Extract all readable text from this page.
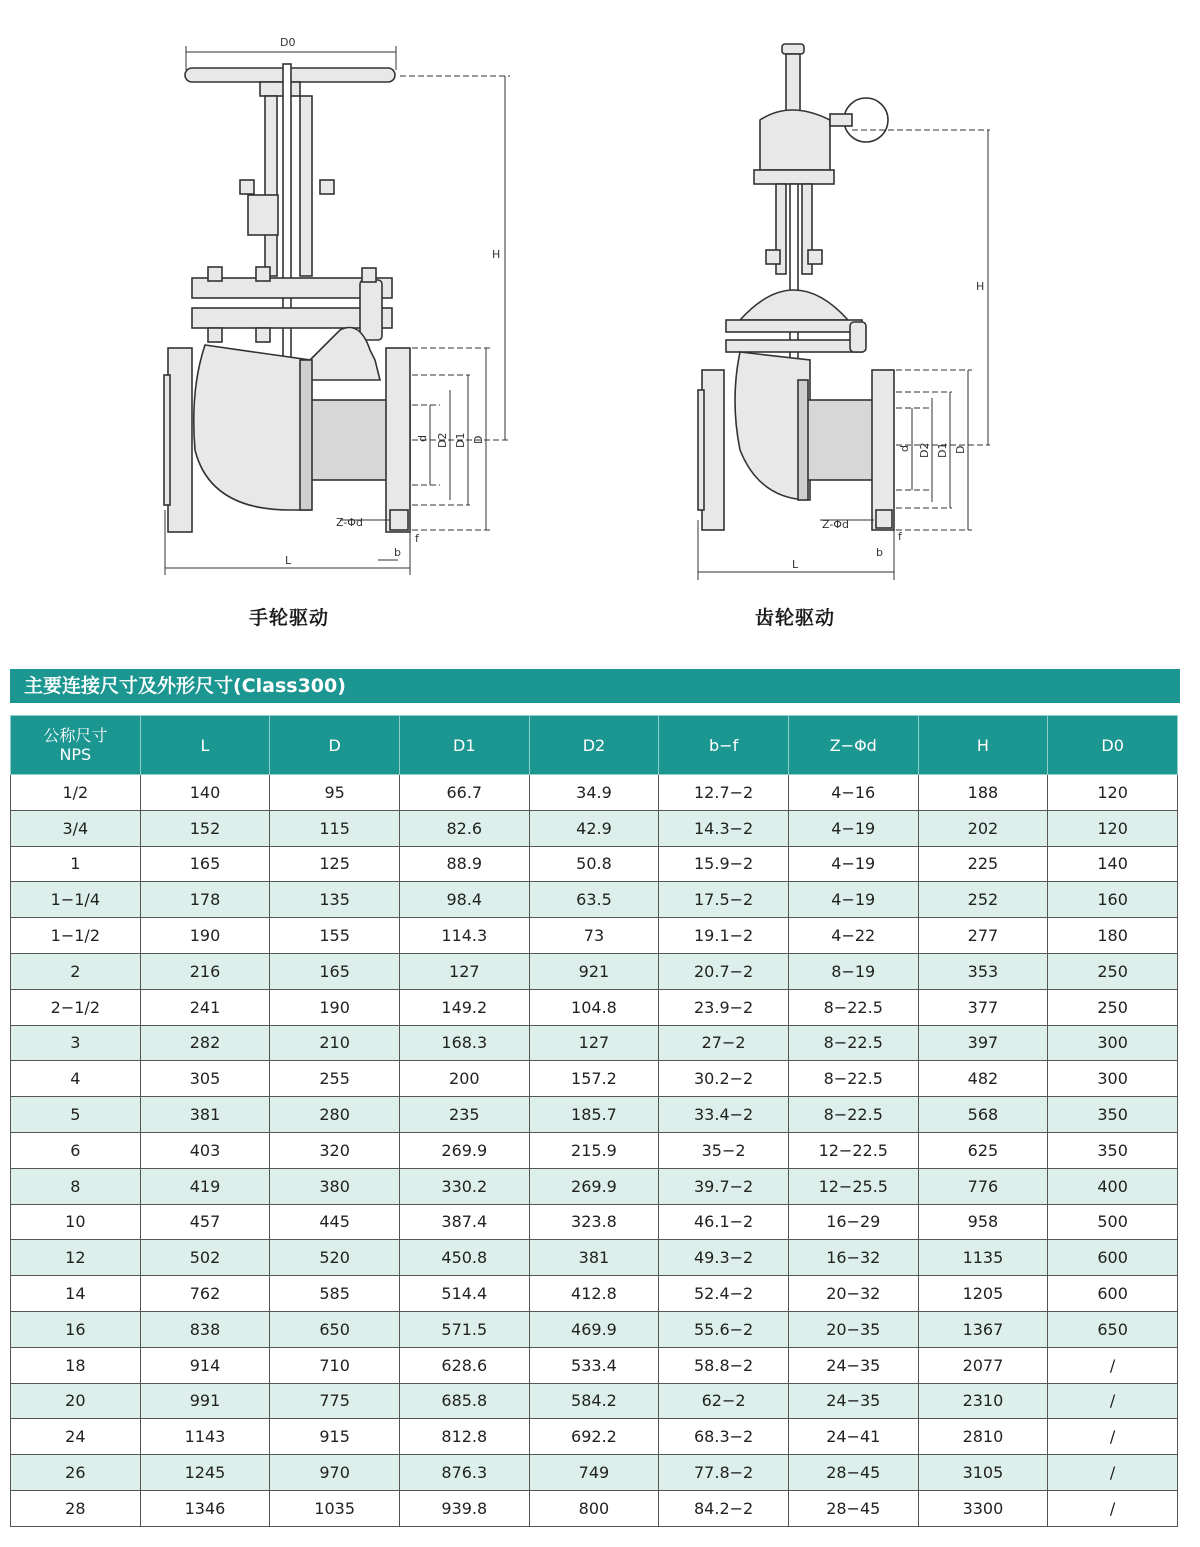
D0
H
d D2 D1 D
Z-Φd
b
f
L
H
d D2 D1 D
Z-Φd
b
f
L
手轮驱动	齿轮驱动
主要连接尺寸及外形尺寸(Class300)
公称尺寸
NPS	L	D	D1	D2	b−f	Z−Φd	H	D0
1/2	140	95	66.7	34.9	12.7−2	4−16	188	120
3/4	152	115	82.6	42.9	14.3−2	4−19	202	120
1	165	125	88.9	50.8	15.9−2	4−19	225	140
1−1/4	178	135	98.4	63.5	17.5−2	4−19	252	160
1−1/2	190	155	114.3	73	19.1−2	4−22	277	180
2	216	165	127	921	20.7−2	8−19	353	250
2−1/2	241	190	149.2	104.8	23.9−2	8−22.5	377	250
3	282	210	168.3	127	27−2	8−22.5	397	300
4	305	255	200	157.2	30.2−2	8−22.5	482	300
5	381	280	235	185.7	33.4−2	8−22.5	568	350
6	403	320	269.9	215.9	35−2	12−22.5	625	350
8	419	380	330.2	269.9	39.7−2	12−25.5	776	400
10	457	445	387.4	323.8	46.1−2	16−29	958	500
12	502	520	450.8	381	49.3−2	16−32	1135	600
14	762	585	514.4	412.8	52.4−2	20−32	1205	600
16	838	650	571.5	469.9	55.6−2	20−35	1367	650
18	914	710	628.6	533.4	58.8−2	24−35	2077	/
20	991	775	685.8	584.2	62−2	24−35	2310	/
24	1143	915	812.8	692.2	68.3−2	24−41	2810	/
26	1245	970	876.3	749	77.8−2	28−45	3105	/
28	1346	1035	939.8	800	84.2−2	28−45	3300	/
